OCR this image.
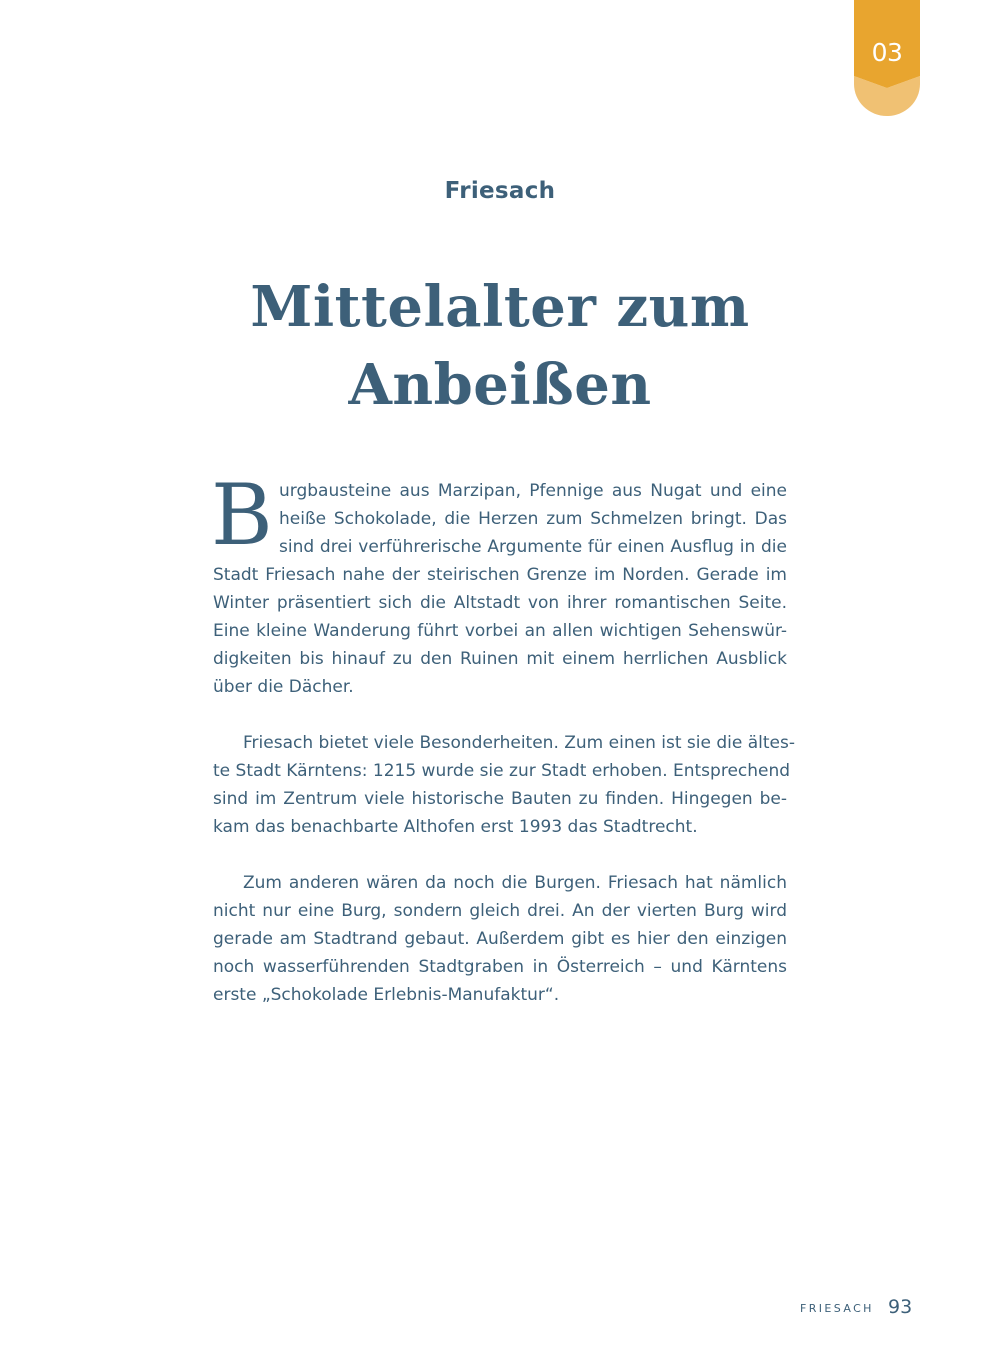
03
Friesach
Mittelalter zum
Anbeißen
B urgbausteine aus Marzipan, Pfennige aus Nugat und eine
heiße Schokolade, die Herzen zum Schmelzen bringt. Das
sind drei verführerische Argumente für einen Ausflug in die
Stadt Friesach nahe der steirischen Grenze im Norden. Gerade im
Winter präsentiert sich die Altstadt von ihrer romantischen Seite.
Eine kleine Wanderung führt vorbei an allen wichtigen Sehenswür-
digkeiten bis hinauf zu den Ruinen mit einem herrlichen Ausblick
über die Dächer.
Friesach bietet viele Besonderheiten. Zum einen ist sie die ältes-
te Stadt Kärntens: 1215 wurde sie zur Stadt erhoben. Entsprechend
sind im Zentrum viele historische Bauten zu finden. Hingegen be-
kam das benachbarte Althofen erst 1993 das Stadtrecht.
Zum anderen wären da noch die Burgen. Friesach hat nämlich
nicht nur eine Burg, sondern gleich drei. An der vierten Burg wird
gerade am Stadtrand gebaut. Außerdem gibt es hier den einzigen
noch wasserführenden Stadtgraben in Österreich – und Kärntens
erste „Schokolade Erlebnis-Manufaktur“.
FRIESACH 93
